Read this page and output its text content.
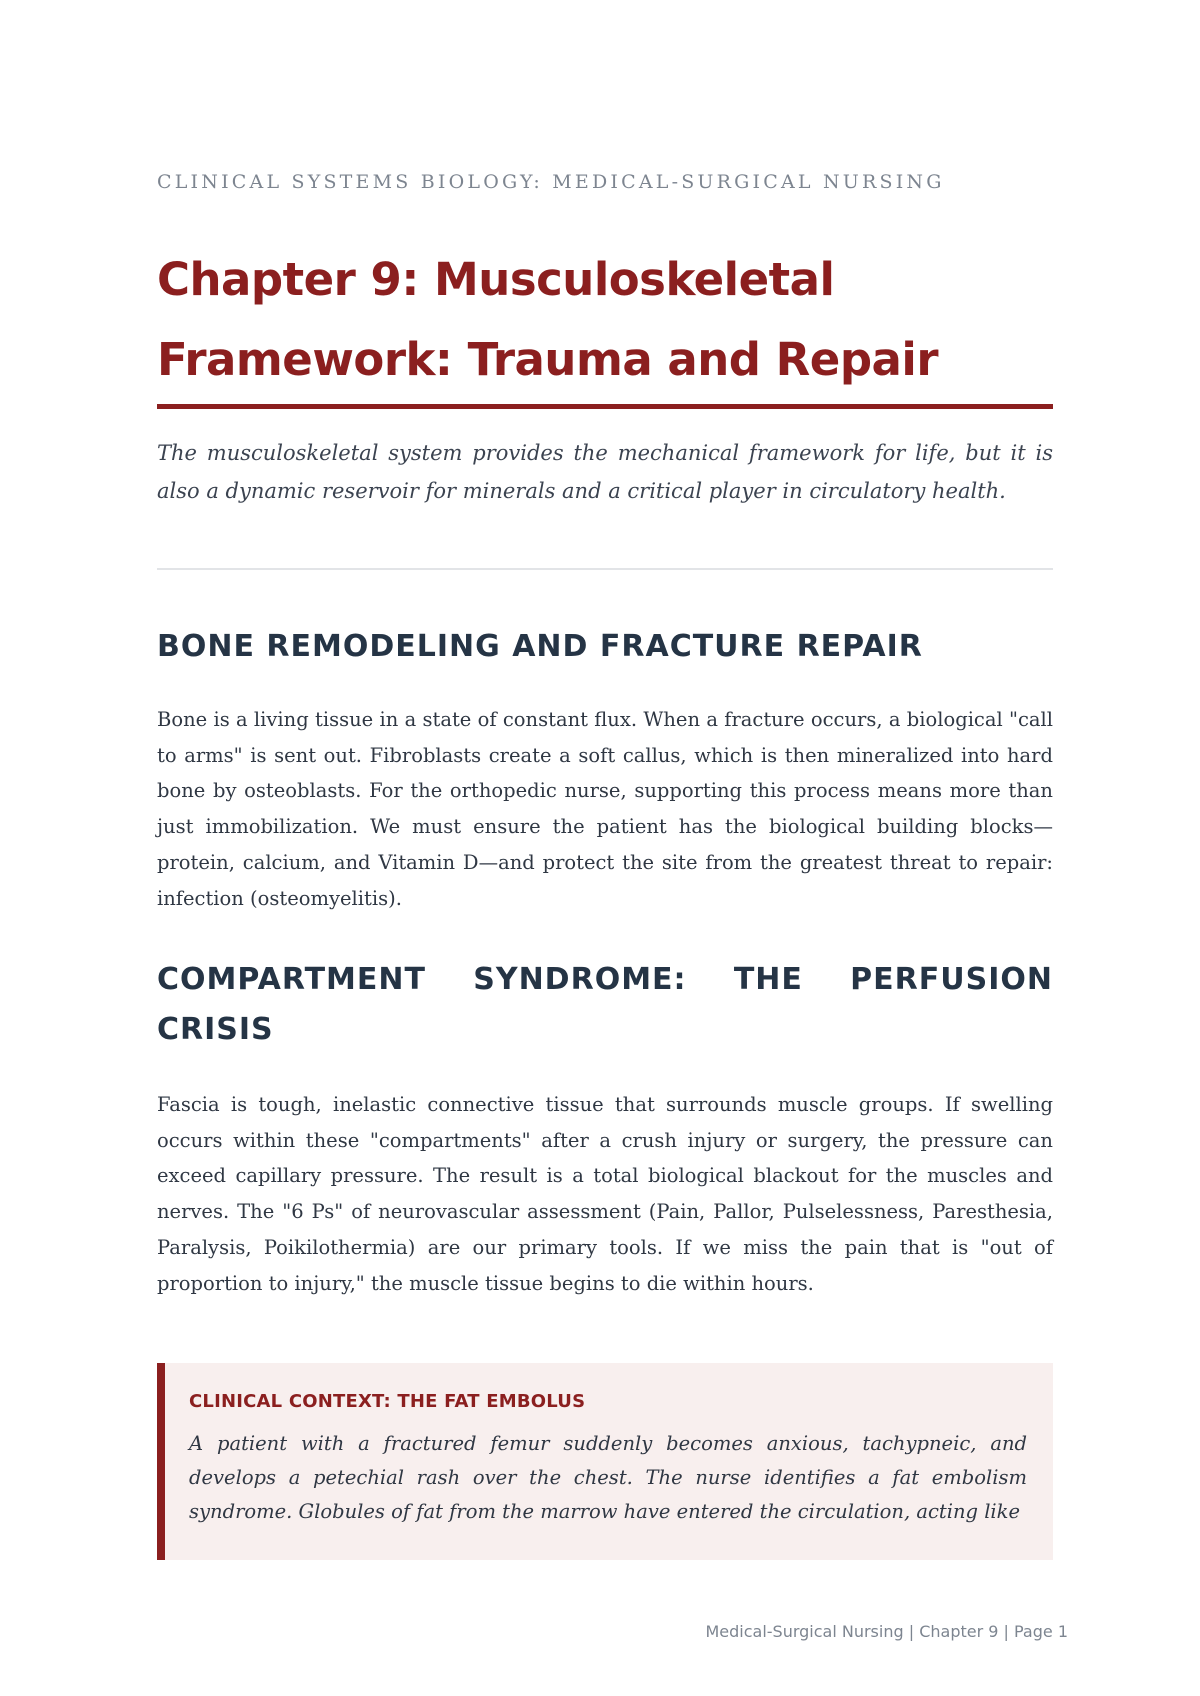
CLINICAL SYSTEMS BIOLOGY: MEDICAL-SURGICAL NURSING
Chapter 9: Musculoskeletal Framework: Trauma and Repair

The musculoskeletal system provides the mechanical framework for life, but it is also a dynamic reservoir for minerals and a critical player in circulatory health.

BONE REMODELING AND FRACTURE REPAIR

Bone is a living tissue in a state of constant flux. When a fracture occurs, a biological "call to arms" is sent out. Fibroblasts create a soft callus, which is then mineralized into hard bone by osteoblasts. For the orthopedic nurse, supporting this process means more than just immobilization. We must ensure the patient has the biological building blocks—protein, calcium, and Vitamin D—and protect the site from the greatest threat to repair: infection (osteomyelitis).

COMPARTMENT SYNDROME: THE PERFUSION CRISIS

Fascia is tough, inelastic connective tissue that surrounds muscle groups. If swelling occurs within these "compartments" after a crush injury or surgery, the pressure can exceed capillary pressure. The result is a total biological blackout for the muscles and nerves. The "6 Ps" of neurovascular assessment (Pain, Pallor, Pulselessness, Paresthesia, Paralysis, Poikilothermia) are our primary tools. If we miss the pain that is "out of proportion to injury," the muscle tissue begins to die within hours.

CLINICAL CONTEXT: THE FAT EMBOLUS

A patient with a fractured femur suddenly becomes anxious, tachypneic, and develops a petechial rash over the chest. The nurse identifies a fat embolism syndrome. Globules of fat from the marrow have entered the circulation, acting like

Medical-Surgical Nursing | Chapter 9 | Page 1
